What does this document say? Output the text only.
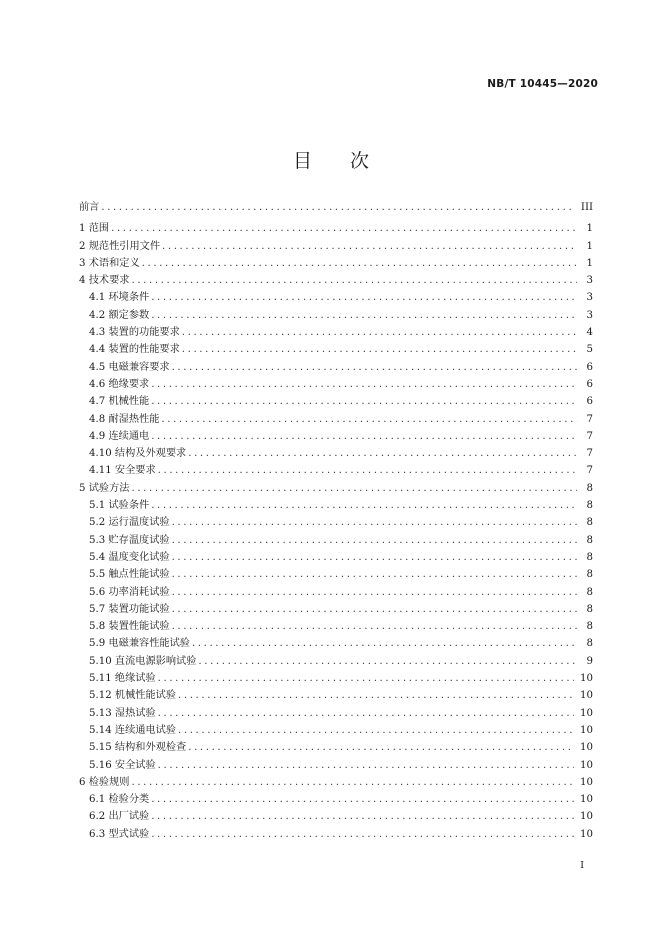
NB/T 10445—2020
目　　次
前言 .....	III
1 范围 .....	1
2 规范性引用文件 .....	1
3 术语和定义 .....	1
4 技术要求 .....	3
4.1 环境条件 .....	3
4.2 额定参数 .....	3
4.3 装置的功能要求 .....	4
4.4 装置的性能要求 .....	5
4.5 电磁兼容要求 .....	6
4.6 绝缘要求 .....	6
4.7 机械性能 .....	6
4.8 耐湿热性能 .....	7
4.9 连续通电 .....	7
4.10 结构及外观要求 .....	7
4.11 安全要求 .....	7
5 试验方法 .....	8
5.1 试验条件 .....	8
5.2 运行温度试验 .....	8
5.3 贮存温度试验 .....	8
5.4 温度变化试验 .....	8
5.5 触点性能试验 .....	8
5.6 功率消耗试验 .....	8
5.7 装置功能试验 .....	8
5.8 装置性能试验 .....	8
5.9 电磁兼容性能试验 .....	8
5.10 直流电源影响试验 .....	9
5.11 绝缘试验 .....	10
5.12 机械性能试验 .....	10
5.13 湿热试验 .....	10
5.14 连续通电试验 .....	10
5.15 结构和外观检查 .....	10
5.16 安全试验 .....	10
6 检验规则 .....	10
6.1 检验分类 .....	10
6.2 出厂试验 .....	10
6.3 型式试验 .....	10
I
